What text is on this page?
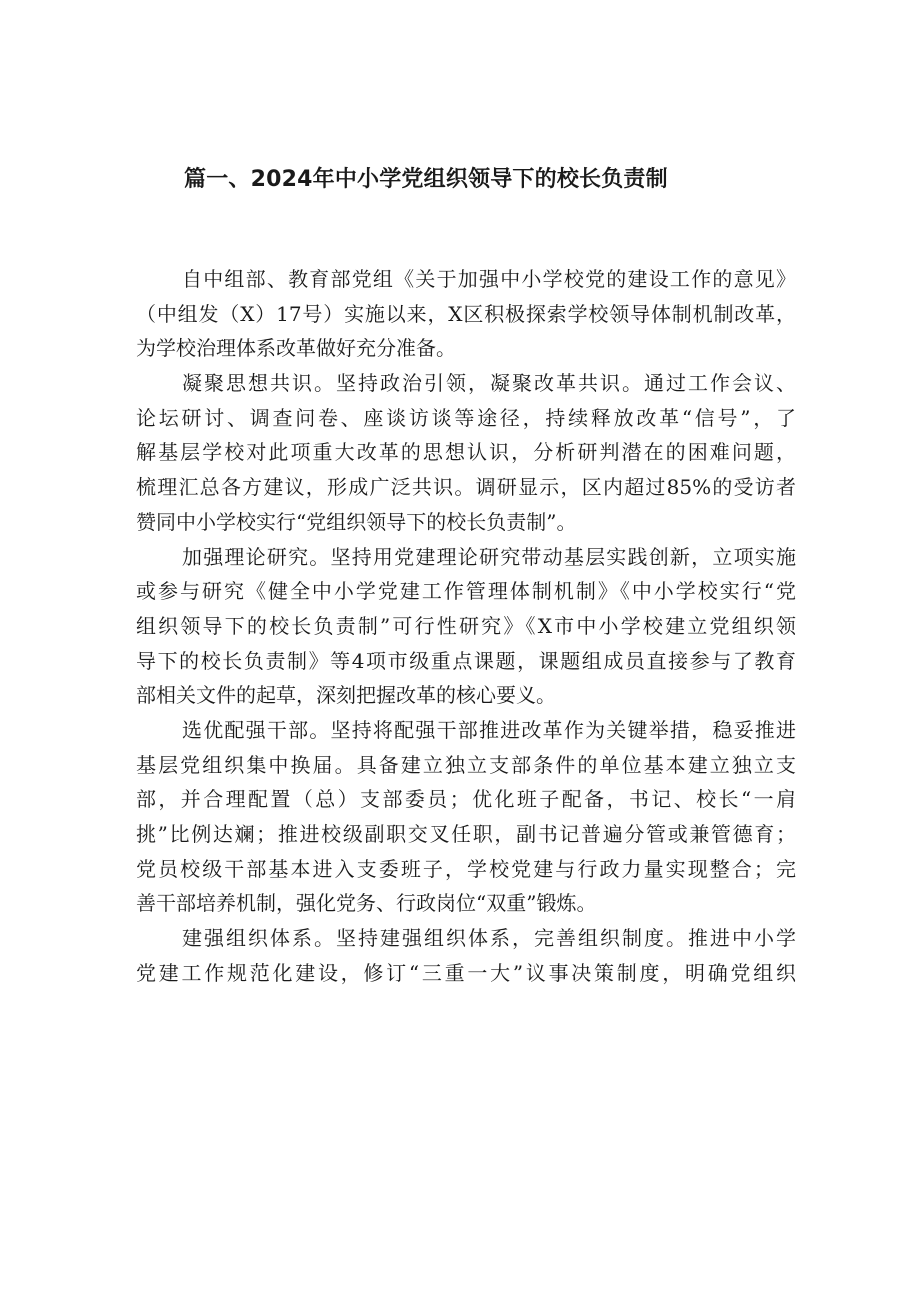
篇一、2024年中小学党组织领导下的校长负责制
自中组部、教育部党组《关于加强中小学校党的建设工作的意见》
（中组发（X）17号）实施以来，X区积极探索学校领导体制机制改革，
为学校治理体系改革做好充分准备。
凝聚思想共识。坚持政治引领，凝聚改革共识。通过工作会议、
论坛研讨、调查问卷、座谈访谈等途径，持续释放改革“信号”，了
解基层学校对此项重大改革的思想认识，分析研判潜在的困难问题，
梳理汇总各方建议，形成广泛共识。调研显示，区内超过85%的受访者
赞同中小学校实行“党组织领导下的校长负责制”。
加强理论研究。坚持用党建理论研究带动基层实践创新，立项实施
或参与研究《健全中小学党建工作管理体制机制》《中小学校实行“党
组织领导下的校长负责制”可行性研究》《X市中小学校建立党组织领
导下的校长负责制》等4项市级重点课题，课题组成员直接参与了教育
部相关文件的起草，深刻把握改革的核心要义。
选优配强干部。坚持将配强干部推进改革作为关键举措，稳妥推进
基层党组织集中换届。具备建立独立支部条件的单位基本建立独立支
部，并合理配置（总）支部委员；优化班子配备，书记、校长“一肩
挑”比例达斓；推进校级副职交叉任职，副书记普遍分管或兼管德育；
党员校级干部基本进入支委班子，学校党建与行政力量实现整合；完
善干部培养机制，强化党务、行政岗位“双重”锻炼。
建强组织体系。坚持建强组织体系，完善组织制度。推进中小学
党建工作规范化建设，修订“三重一大”议事决策制度，明确党组织
